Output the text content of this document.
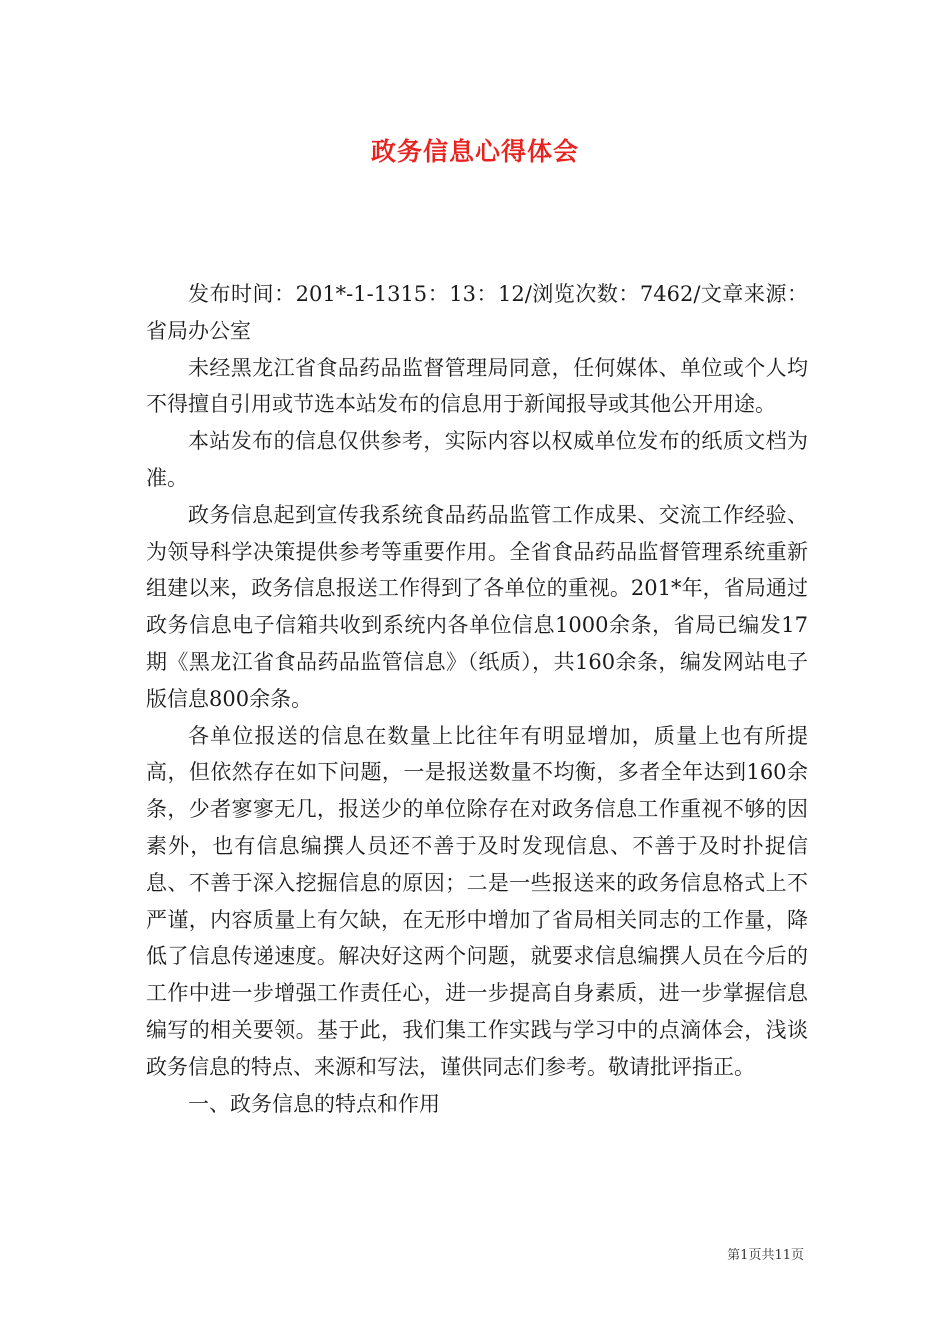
政务信息心得体会

发布时间：201*-1-1315：13：12/浏览次数：7462/文章来源：省局办公室

未经黑龙江省食品药品监督管理局同意，任何媒体、单位或个人均不得擅自引用或节选本站发布的信息用于新闻报导或其他公开用途。

本站发布的信息仅供参考，实际内容以权威单位发布的纸质文档为准。

政务信息起到宣传我系统食品药品监管工作成果、交流工作经验、为领导科学决策提供参考等重要作用。全省食品药品监督管理系统重新组建以来，政务信息报送工作得到了各单位的重视。201*年，省局通过政务信息电子信箱共收到系统内各单位信息1000余条，省局已编发17期《黑龙江省食品药品监管信息》（纸质），共160余条，编发网站电子版信息800余条。

各单位报送的信息在数量上比往年有明显增加，质量上也有所提高，但依然存在如下问题，一是报送数量不均衡，多者全年达到160余条，少者寥寥无几，报送少的单位除存在对政务信息工作重视不够的因素外，也有信息编撰人员还不善于及时发现信息、不善于及时扑捉信息、不善于深入挖掘信息的原因；二是一些报送来的政务信息格式上不严谨，内容质量上有欠缺，在无形中增加了省局相关同志的工作量，降低了信息传递速度。解决好这两个问题，就要求信息编撰人员在今后的工作中进一步增强工作责任心，进一步提高自身素质，进一步掌握信息编写的相关要领。基于此，我们集工作实践与学习中的点滴体会，浅谈政务信息的特点、来源和写法，谨供同志们参考。敬请批评指正。

一、政务信息的特点和作用

第1页共11页
